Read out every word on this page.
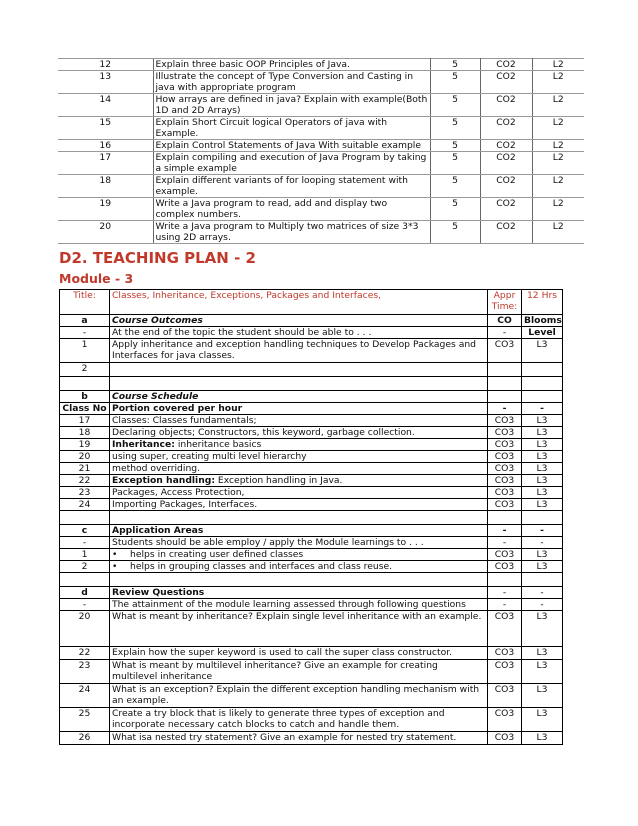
12	Explain three basic OOP Principles of Java.	5	CO2	L2
13	Illustrate the concept of Type Conversion and Casting in java with appropriate program	5	CO2	L2
14	How arrays are defined in java? Explain with example(Both 1D and 2D Arrays)	5	CO2	L2
15	Explain Short Circuit logical Operators of java with Example.	5	CO2	L2
16	Explain Control Statements of Java With suitable example	5	CO2	L2
17	Explain compiling and execution of Java Program by taking a simple example	5	CO2	L2
18	Explain different variants of for looping statement with example.	5	CO2	L2
19	Write a Java program to read, add and display two complex numbers.	5	CO2	L2
20	Write a Java program to Multiply two matrices of size 3*3 using 2D arrays.	5	CO2	L2
D2. TEACHING PLAN - 2
Module - 3
Title:	Classes, Inheritance, Exceptions, Packages and Interfaces,	Appr Time:	12 Hrs
a	Course Outcomes	CO	Blooms
-	At the end of the topic the student should be able to . . .	-	Level
1	Apply inheritance and exception handling techniques to Develop Packages and Interfaces for java classes.	CO3	L3
2			

b	Course Schedule		
Class No	Portion covered per hour	-	-
17	Classes: Classes fundamentals;	CO3	L3
18	Declaring objects; Constructors, this keyword, garbage collection.	CO3	L3
19	Inheritance: inheritance basics	CO3	L3
20	using super, creating multi level hierarchy	CO3	L3
21	method overriding.	CO3	L3
22	Exception handling: Exception handling in Java.	CO3	L3
23	Packages, Access Protection,	CO3	L3
24	Importing Packages, Interfaces.	CO3	L3

c	Application Areas	-	-
-	Students should be able employ / apply the Module learnings to . . .	-	-
1	• helps in creating user defined classes	CO3	L3
2	• helps in grouping classes and interfaces and class reuse.	CO3	L3

d	Review Questions	-	-
-	The attainment of the module learning assessed through following questions	-	-
20	What is meant by inheritance? Explain single level inheritance with an example.	CO3	L3
22	Explain how the super keyword is used to call the super class constructor.	CO3	L3
23	What is meant by multilevel inheritance? Give an example for creating multilevel inheritance	CO3	L3
24	What is an exception? Explain the different exception handling mechanism with an example.	CO3	L3
25	Create a try block that is likely to generate three types of exception and incorporate necessary catch blocks to catch and handle them.	CO3	L3
26	What isa nested try statement? Give an example for nested try statement.	CO3	L3
